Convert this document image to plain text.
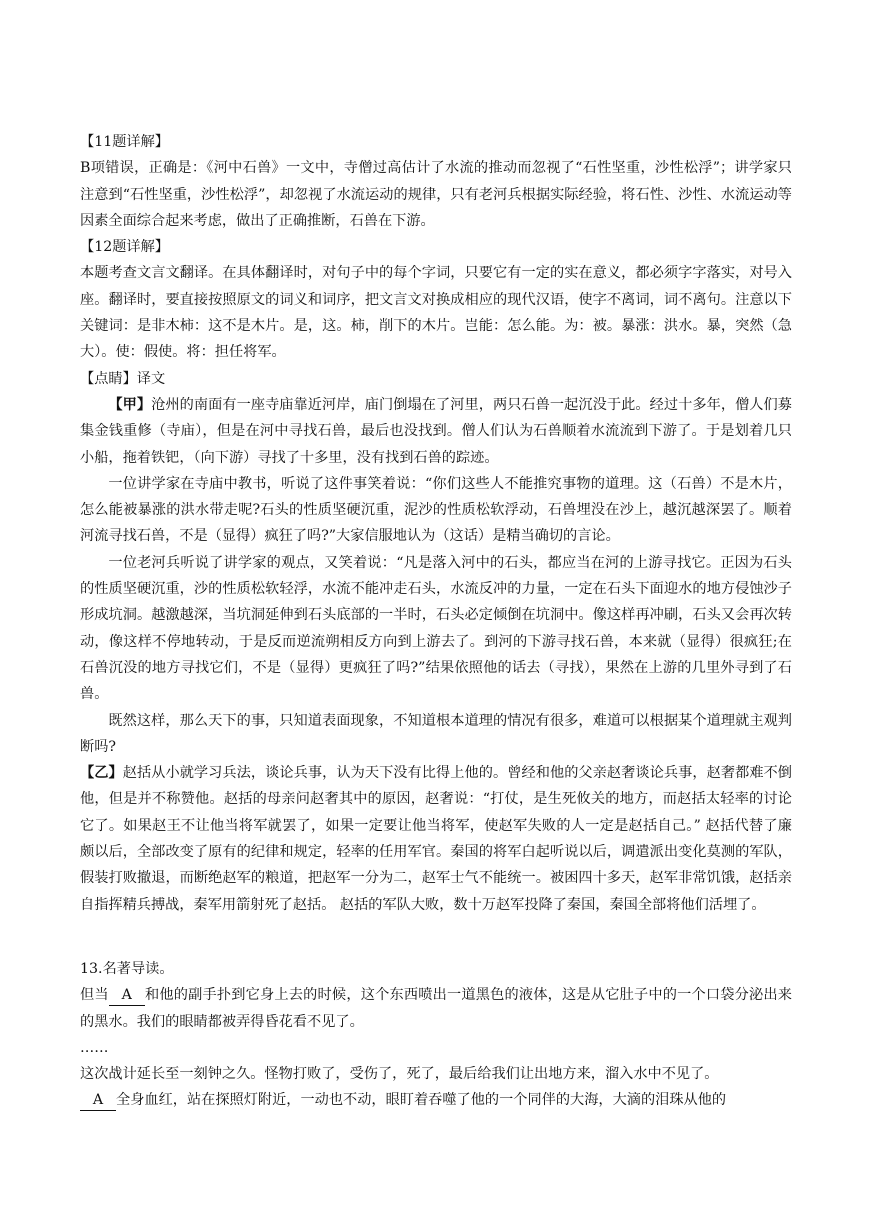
【11题详解】
B项错误，正确是：《河中石兽》一文中，寺僧过高估计了水流的推动而忽视了“石性坚重，沙性松浮”；讲学家只注意到“石性坚重，沙性松浮”，却忽视了水流运动的规律，只有老河兵根据实际经验，将石性、沙性、水流运动等因素全面综合起来考虑，做出了正确推断，石兽在下游。
【12题详解】
本题考查文言文翻译。在具体翻译时，对句子中的每个字词，只要它有一定的实在意义，都必须字字落实，对号入座。翻译时，要直接按照原文的词义和词序，把文言文对换成相应的现代汉语，使字不离词，词不离句。注意以下关键词：是非木柿：这不是木片。是，这。柿，削下的木片。岂能：怎么能。为：被。暴涨：洪水。暴，突然（急大）。使：假使。将：担任将军。
【点睛】译文
【甲】沧州的南面有一座寺庙靠近河岸，庙门倒塌在了河里，两只石兽一起沉没于此。经过十多年，僧人们募集金钱重修（寺庙），但是在河中寻找石兽，最后也没找到。僧人们认为石兽顺着水流流到下游了。于是划着几只小船，拖着铁钯，（向下游）寻找了十多里，没有找到石兽的踪迹。
一位讲学家在寺庙中教书，听说了这件事笑着说：“你们这些人不能推究事物的道理。这（石兽）不是木片，怎么能被暴涨的洪水带走呢?石头的性质坚硬沉重，泥沙的性质松软浮动，石兽埋没在沙上，越沉越深罢了。顺着河流寻找石兽，不是（显得）疯狂了吗?”大家信服地认为（这话）是精当确切的言论。
一位老河兵听说了讲学家的观点，又笑着说：“凡是落入河中的石头，都应当在河的上游寻找它。正因为石头的性质坚硬沉重，沙的性质松软轻浮，水流不能冲走石头，水流反冲的力量，一定在石头下面迎水的地方侵蚀沙子形成坑洞。越激越深，当坑洞延伸到石头底部的一半时，石头必定倾倒在坑洞中。像这样再冲刷，石头又会再次转动，像这样不停地转动，于是反而逆流朔相反方向到上游去了。到河的下游寻找石兽，本来就（显得）很疯狂;在石兽沉没的地方寻找它们，不是（显得）更疯狂了吗?”结果依照他的话去（寻找），果然在上游的几里外寻到了石兽。
既然这样，那么天下的事，只知道表面现象，不知道根本道理的情况有很多，难道可以根据某个道理就主观判断吗?
【乙】赵括从小就学习兵法，谈论兵事，认为天下没有比得上他的。曾经和他的父亲赵奢谈论兵事，赵奢都难不倒他，但是并不称赞他。赵括的母亲问赵奢其中的原因，赵奢说：“打仗，是生死攸关的地方，而赵括太轻率的讨论它了。如果赵王不让他当将军就罢了，如果一定要让他当将军，使赵军失败的人一定是赵括自己。” 赵括代替了廉颇以后，全部改变了原有的纪律和规定，轻率的任用军官。秦国的将军白起听说以后，调遣派出变化莫测的军队，假装打败撤退，而断绝赵军的粮道，把赵军一分为二，赵军士气不能统一。被困四十多天，赵军非常饥饿，赵括亲自指挥精兵搏战，秦军用箭射死了赵括。 赵括的军队大败，数十万赵军投降了秦国，秦国全部将他们活埋了。
13.名著导读。
但当 A 和他的副手扑到它身上去的时候，这个东西喷出一道黑色的液体，这是从它肚子中的一个口袋分泌出来的黑水。我们的眼睛都被弄得昏花看不见了。
……
这次战计延长至一刻钟之久。怪物打败了，受伤了，死了，最后给我们让出地方来，溜入水中不见了。
A 全身血红，站在探照灯附近，一动也不动，眼盯着吞噬了他的一个同伴的大海，大滴的泪珠从他的
